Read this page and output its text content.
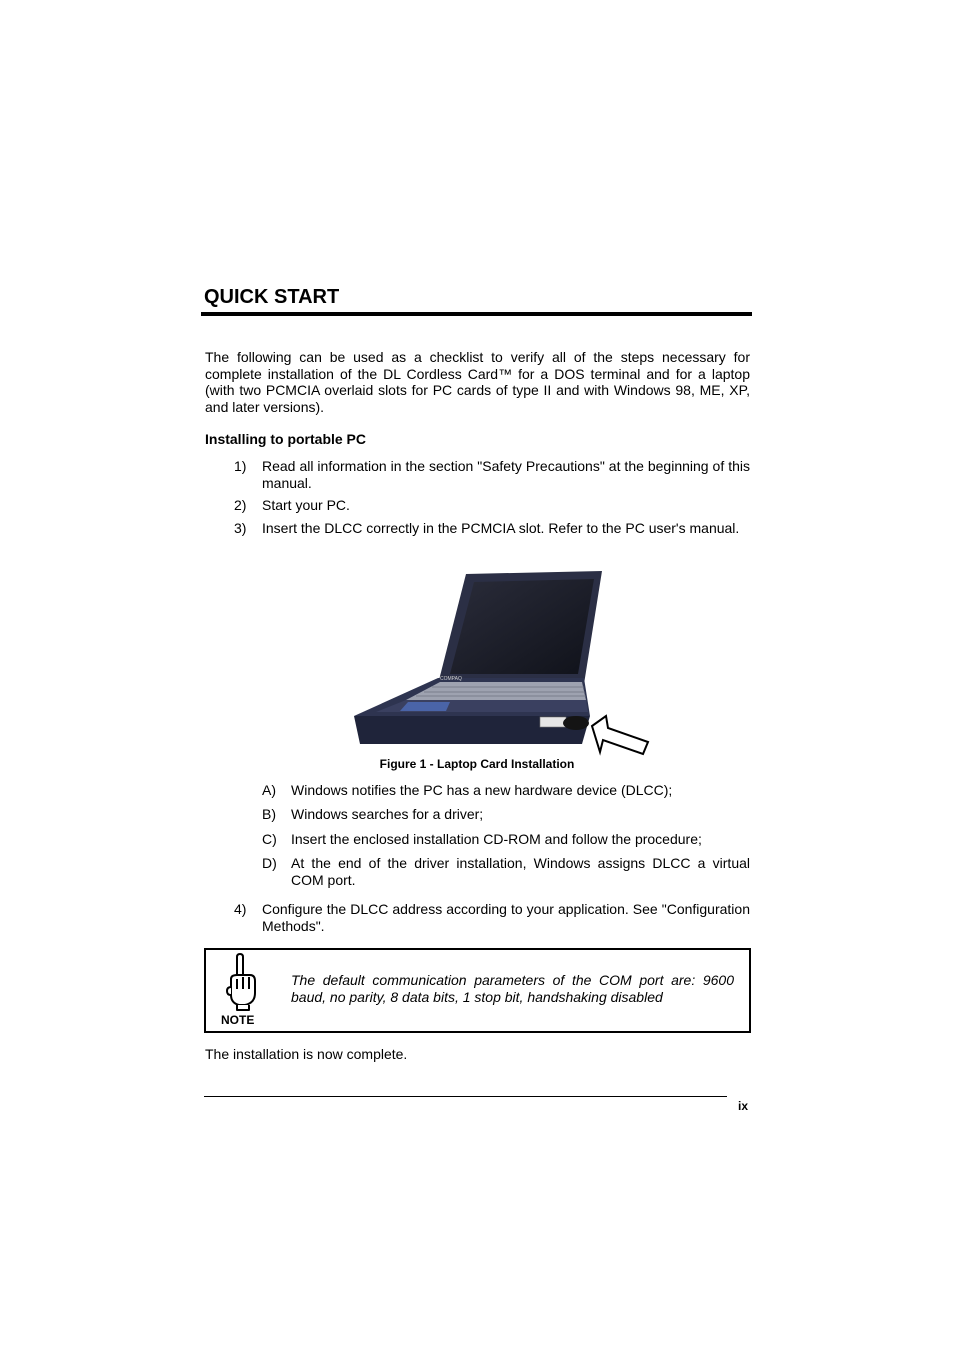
QUICK START

The following can be used as a checklist to verify all of the steps necessary for complete installation of the DL Cordless Card™ for a DOS terminal and for a laptop (with two PCMCIA overlaid slots for PC cards of type II and with Windows 98, ME, XP, and later versions).

Installing to portable PC
1) Read all information in the section "Safety Precautions" at the beginning of this manual.
2) Start your PC.
3) Insert the DLCC correctly in the PCMCIA slot. Refer to the PC user's manual.
COMPAQ
Figure 1 - Laptop Card Installation
A) Windows notifies the PC has a new hardware device (DLCC);
B) Windows searches for a driver;
C) Insert the enclosed installation CD-ROM and follow the procedure;
D) At the end of the driver installation, Windows assigns DLCC a virtual COM port.
4) Configure the DLCC address according to your application. See "Configuration Methods".
NOTE
The default communication parameters of the COM port are: 9600 baud, no parity, 8 data bits, 1 stop bit, handshaking disabled
The installation is now complete.
ix
